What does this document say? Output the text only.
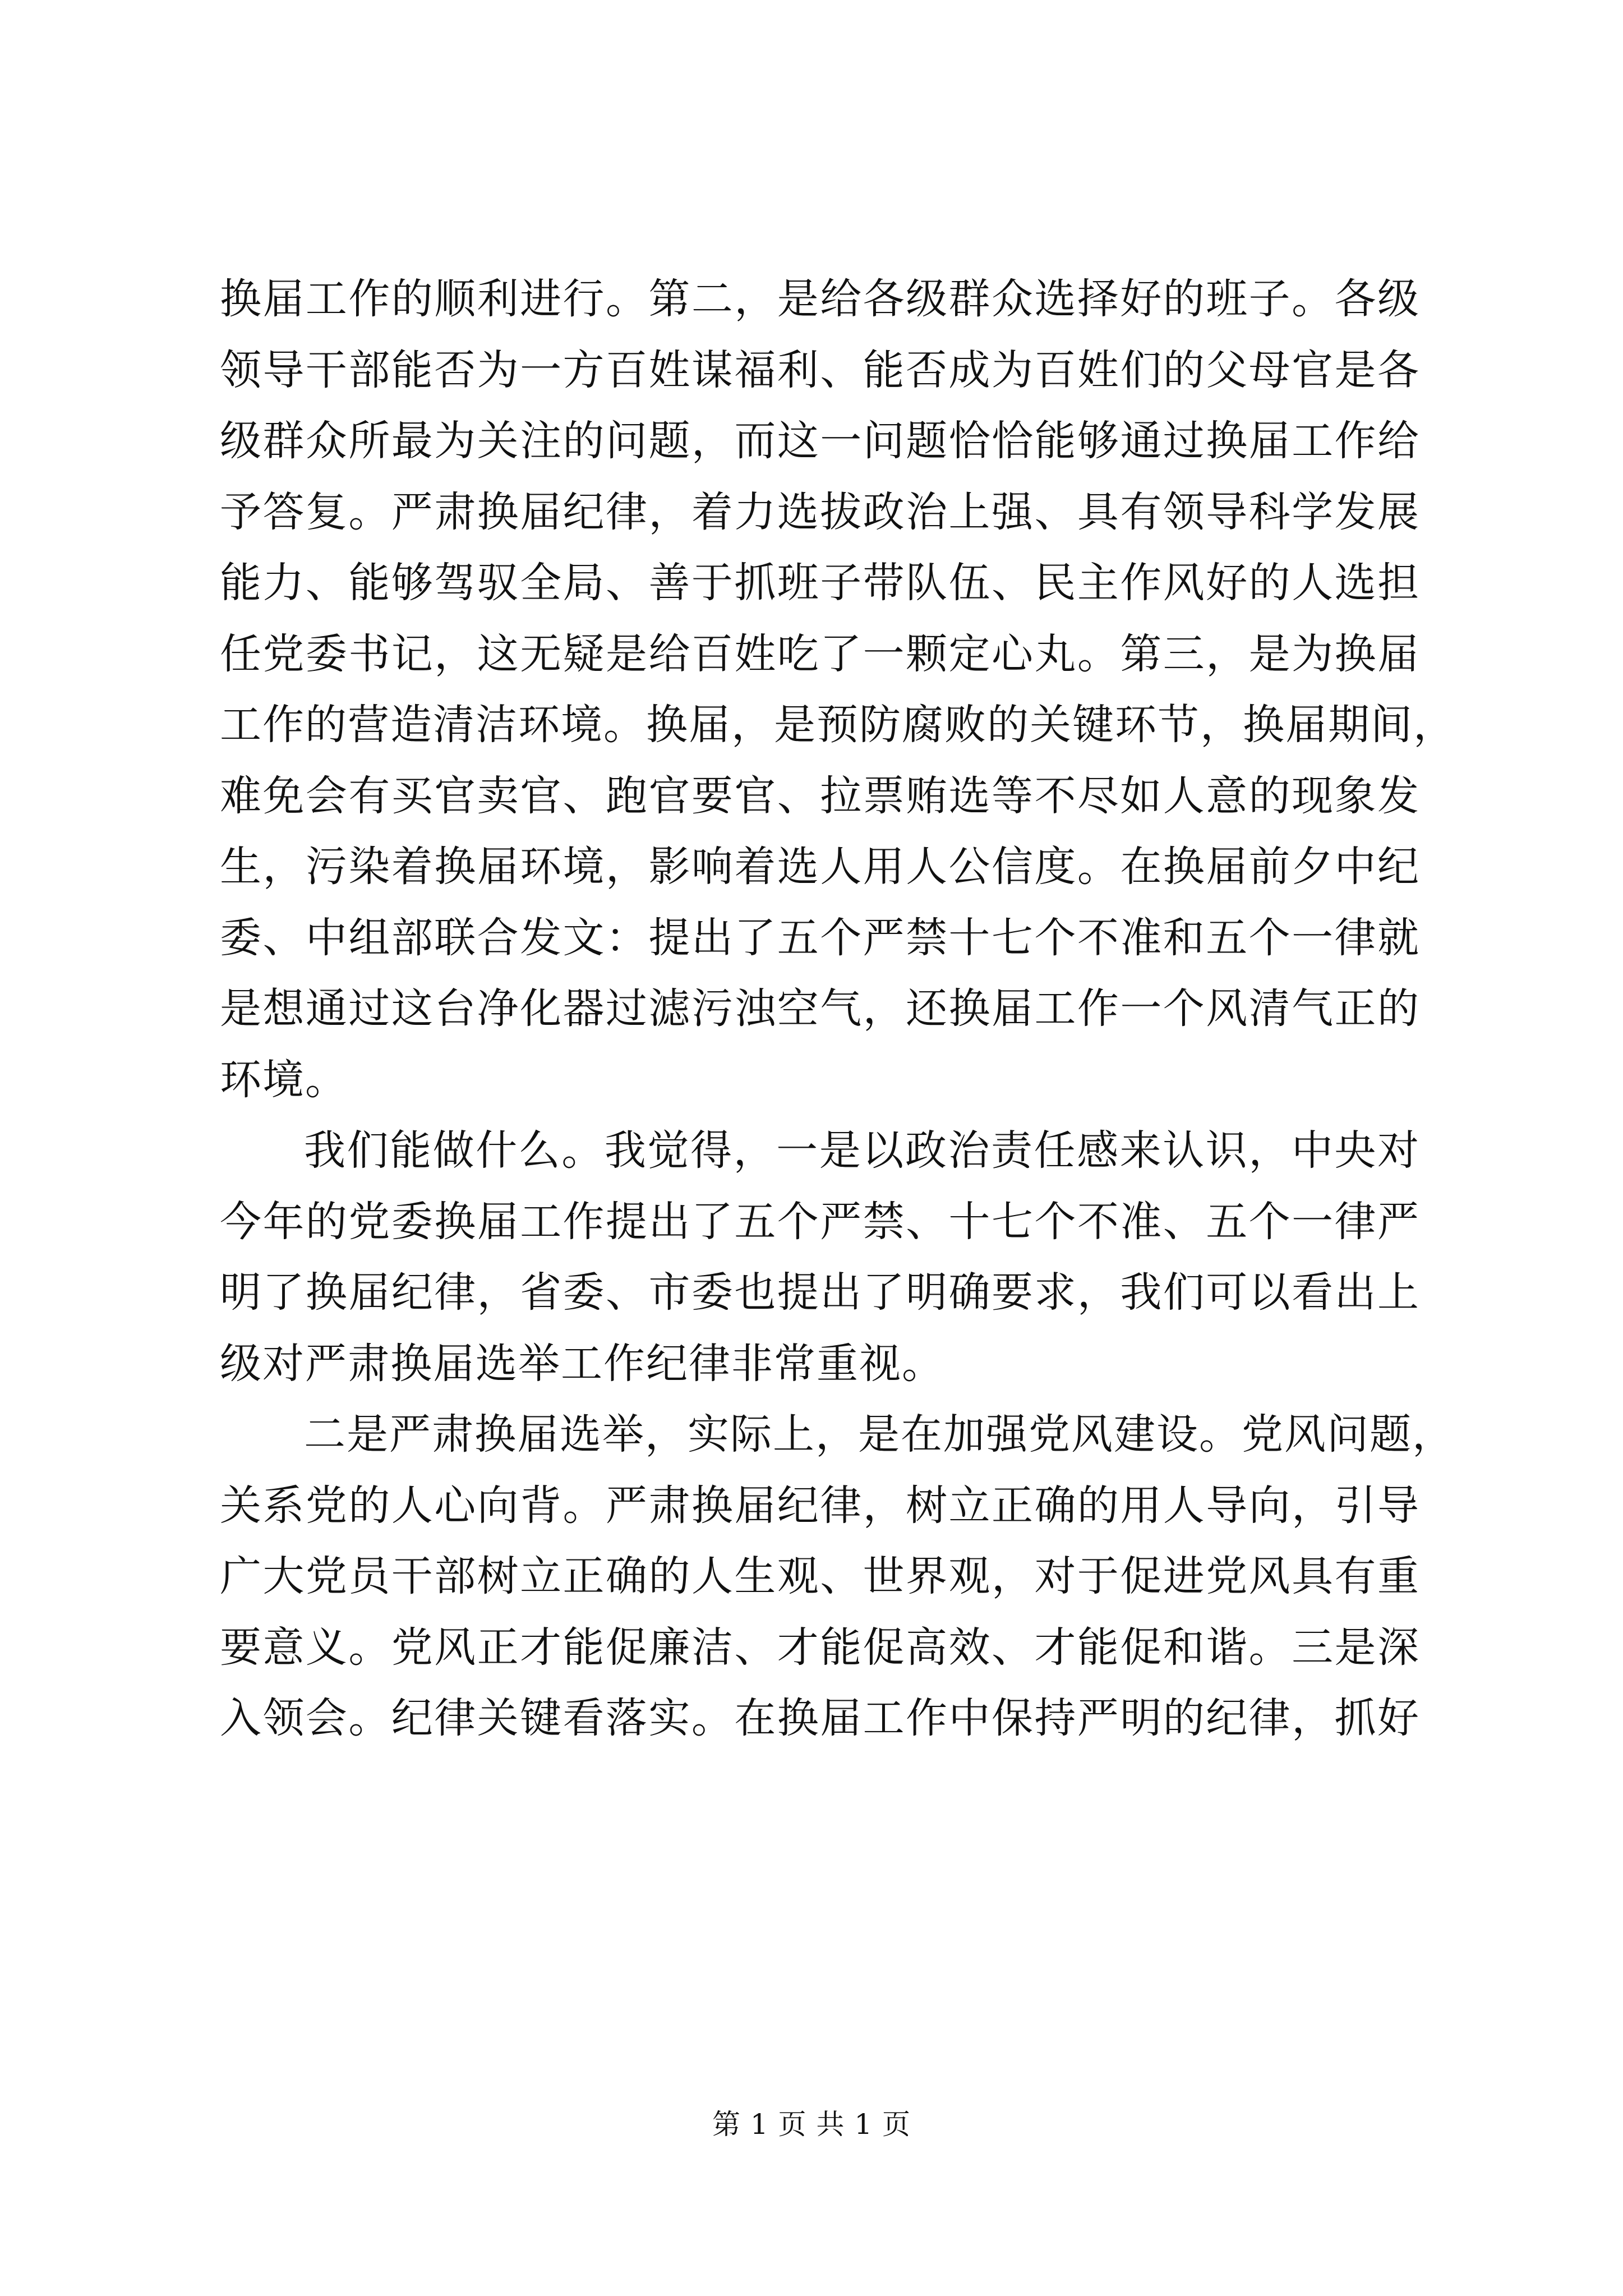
换届工作的顺利进行。第二，是给各级群众选择好的班子。各级
领导干部能否为一方百姓谋福利、能否成为百姓们的父母官是各
级群众所最为关注的问题，而这一问题恰恰能够通过换届工作给
予答复。严肃换届纪律，着力选拔政治上强、具有领导科学发展
能力、能够驾驭全局、善于抓班子带队伍、民主作风好的人选担
任党委书记，这无疑是给百姓吃了一颗定心丸。第三，是为换届
工作的营造清洁环境。换届，是预防腐败的关键环节，换届期间，
难免会有买官卖官、跑官要官、拉票贿选等不尽如人意的现象发
生，污染着换届环境，影响着选人用人公信度。在换届前夕中纪
委、中组部联合发文：提出了五个严禁十七个不准和五个一律就
是想通过这台净化器过滤污浊空气，还换届工作一个风清气正的
环境。
我们能做什么。我觉得，一是以政治责任感来认识，中央对
今年的党委换届工作提出了五个严禁、十七个不准、五个一律严
明了换届纪律，省委、市委也提出了明确要求，我们可以看出上
级对严肃换届选举工作纪律非常重视。
二是严肃换届选举，实际上，是在加强党风建设。党风问题，
关系党的人心向背。严肃换届纪律，树立正确的用人导向，引导
广大党员干部树立正确的人生观、世界观，对于促进党风具有重
要意义。党风正才能促廉洁、才能促高效、才能促和谐。三是深
入领会。纪律关键看落实。在换届工作中保持严明的纪律，抓好
第 1 页 共 1 页
